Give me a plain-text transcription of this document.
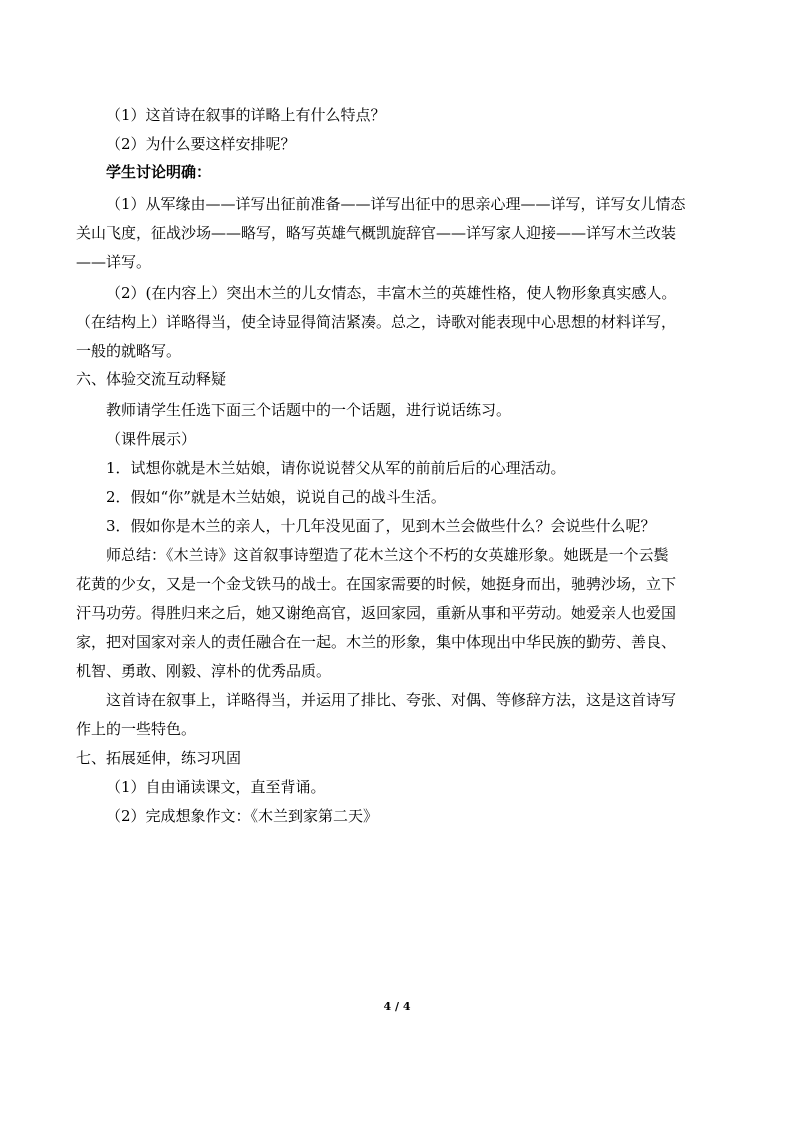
（1）这首诗在叙事的详略上有什么特点？
（2）为什么要这样安排呢？
学生讨论明确：
（1）从军缘由——详写出征前准备——详写出征中的思亲心理——详写，详写女儿情态
关山飞度，征战沙场——略写，略写英雄气概凯旋辞官——详写家人迎接——详写木兰改装
——详写。
（2）(在内容上）突出木兰的儿女情态，丰富木兰的英雄性格，使人物形象真实感人。
（在结构上）详略得当，使全诗显得简洁紧凑。总之，诗歌对能表现中心思想的材料详写，
一般的就略写。
六、体验交流互动释疑
教师请学生任选下面三个话题中的一个话题，进行说话练习。
（课件展示）
1．试想你就是木兰姑娘，请你说说替父从军的前前后后的心理活动。
2．假如“你”就是木兰姑娘，说说自己的战斗生活。
3．假如你是木兰的亲人，十几年没见面了，见到木兰会做些什么？会说些什么呢？
师总结：《木兰诗》这首叙事诗塑造了花木兰这个不朽的女英雄形象。她既是一个云鬓
花黄的少女，又是一个金戈铁马的战士。在国家需要的时候，她挺身而出，驰骋沙场，立下
汗马功劳。得胜归来之后，她又谢绝高官，返回家园，重新从事和平劳动。她爱亲人也爱国
家，把对国家对亲人的责任融合在一起。木兰的形象，集中体现出中华民族的勤劳、善良、
机智、勇敢、刚毅、淳朴的优秀品质。
这首诗在叙事上，详略得当，并运用了排比、夸张、对偶、等修辞方法，这是这首诗写
作上的一些特色。
七、拓展延伸，练习巩固
（1）自由诵读课文，直至背诵。
（2）完成想象作文：《木兰到家第二天》
4 / 4
